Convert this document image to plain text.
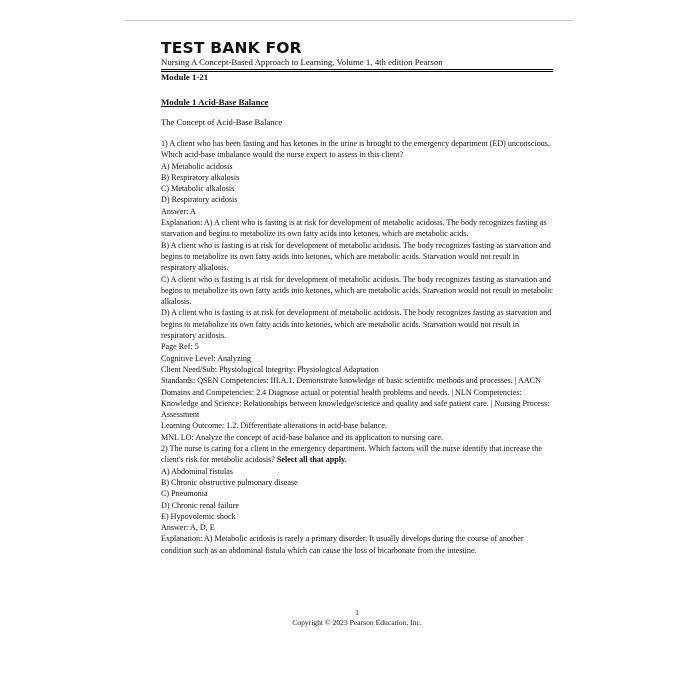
TEST BANK FOR
Nursing A Concept-Based Approach to Learning, Volume 1, 4th edition Pearson
Module 1-21
Module 1 Acid-Base Balance
The Concept of Acid-Base Balance

1) A client who has been fasting and has ketones in the urine is brought to the emergency department (ED) unconscious. Which acid-base imbalance would the nurse expect to assess in this client?

A) Metabolic acidosis

B) Respiratory alkalosis

C) Metabolic alkalosis

D) Respiratory acidosis

Answer: A

Explanation: A) A client who is fasting is at risk for development of metabolic acidosis. The body recognizes fasting as starvation and begins to metabolize its own fatty acids into ketones, which are metabolic acids.

B) A client who is fasting is at risk for development of metabolic acidosis. The body recognizes fasting as starvation and begins to metabolize its own fatty acids into ketones, which are metabolic acids. Starvation would not result in respiratory alkalosis.

C) A client who is fasting is at risk for development of metabolic acidosis. The body recognizes fasting as starvation and begins to metabolize its own fatty acids into ketones, which are metabolic acids. Starvation would not result in metabolic alkalosis.

D) A client who is fasting is at risk for development of metabolic acidosis. The body recognizes fasting as starvation and begins to metabolize its own fatty acids into ketones, which are metabolic acids. Starvation would not result in respiratory acidosis.

Page Ref: 5

Cognitive Level: Analyzing

Client Need/Sub: Physiological Integrity: Physiological Adaptation

Standards: QSEN Competencies: III.A.1. Demonstrate knowledge of basic scientific methods and processes. | AACN Domains and Competencies: 2.4 Diagnose actual or potential health problems and needs. | NLN Competencies: Knowledge and Science: Relationships between knowledge/science and quality and safe patient care. | Nursing Process: Assessment

Learning Outcome: 1.2. Differentiate alterations in acid-base balance.

MNL LO: Analyze the concept of acid-base balance and its application to nursing care.

2) The nurse is caring for a client in the emergency department. Which factors will the nurse identify that increase the client's risk for metabolic acidosis? Select all that apply.

A) Abdominal fistulas

B) Chronic obstructive pulmonary disease

C) Pneumonia

D) Chronic renal failure

E) Hypovolemic shock

Answer: A, D, E

Explanation: A) Metabolic acidosis is rarely a primary disorder. It usually develops during the course of another condition such as an abdominal fistula which can cause the loss of bicarbonate from the intestine.

1
Copyright © 2023 Pearson Education, Inc.
